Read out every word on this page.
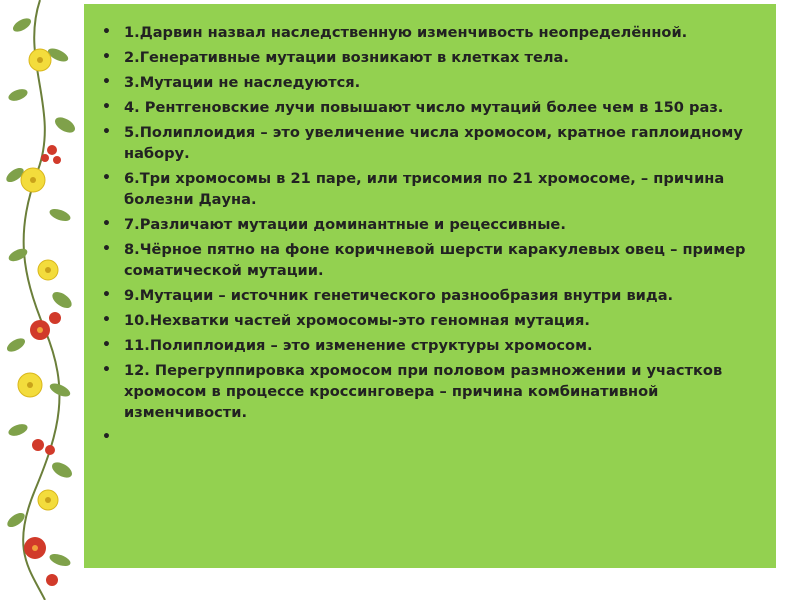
• 1.Дарвин назвал наследственную изменчивость неопределённой.
• 2.Генеративные мутации возникают в клетках тела.
• 3.Мутации не наследуются.
• 4. Рентгеновские лучи повышают число мутаций более чем в 150 раз.
• 5.Полиплоидия – это увеличение числа хромосом, кратное гаплоидному набору.
• 6.Три хромосомы в 21 паре, или трисомия по 21 хромосоме, – причина болезни Дауна.
• 7.Различают мутации доминантные и рецессивные.
• 8.Чёрное пятно на фоне коричневой шерсти каракулевых овец – пример соматической мутации.
• 9.Мутации – источник генетического разнообразия внутри вида.
• 10.Нехватки частей хромосомы-это геномная мутация.
• 11.Полиплоидия – это изменение структуры хромосом.
• 12. Перегруппировка хромосом при половом размножении и участков хромосом в процессе кроссинговера – причина комбинативной изменчивости.
•
